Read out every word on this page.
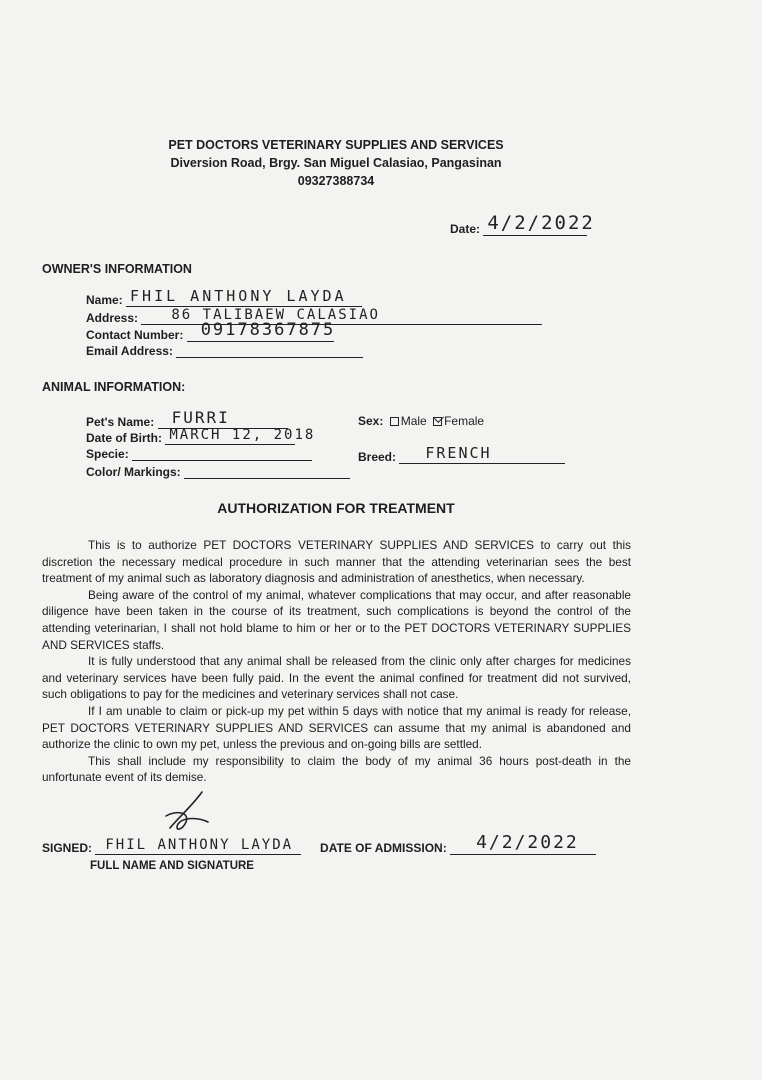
PET DOCTORS VETERINARY SUPPLIES AND SERVICES
Diversion Road, Brgy. San Miguel Calasiao, Pangasinan
09327388734
Date: 4/2/2022
OWNER'S INFORMATION
Name: FHIL ANTHONY LAYDA
Address: 86 TALIBAEW CALASIAO
Contact Number: 09178367875
Email Address:
ANIMAL INFORMATION:
Pet's Name: FURRI
Date of Birth: MARCH 12, 2018
Specie:
Color/ Markings:
Sex: Male Female
Breed: FRENCH
AUTHORIZATION FOR TREATMENT

This is to authorize PET DOCTORS VETERINARY SUPPLIES AND SERVICES to carry out this discretion the necessary medical procedure in such manner that the attending veterinarian sees the best treatment of my animal such as laboratory diagnosis and administration of anesthetics, when necessary.

Being aware of the control of my animal, whatever complications that may occur, and after reasonable diligence have been taken in the course of its treatment, such complications is beyond the control of the attending veterinarian, I shall not hold blame to him or her or to the PET DOCTORS VETERINARY SUPPLIES AND SERVICES staffs.

It is fully understood that any animal shall be released from the clinic only after charges for medicines and veterinary services have been fully paid. In the event the animal confined for treatment did not survived, such obligations to pay for the medicines and veterinary services shall not case.

If I am unable to claim or pick-up my pet within 5 days with notice that my animal is ready for release, PET DOCTORS VETERINARY SUPPLIES AND SERVICES can assume that my animal is abandoned and authorize the clinic to own my pet, unless the previous and on-going bills are settled.

This shall include my responsibility to claim the body of my animal 36 hours post-death in the unfortunate event of its demise.

SIGNED: FHIL ANTHONY LAYDA DATE OF ADMISSION: 4/2/2022
FULL NAME AND SIGNATURE
